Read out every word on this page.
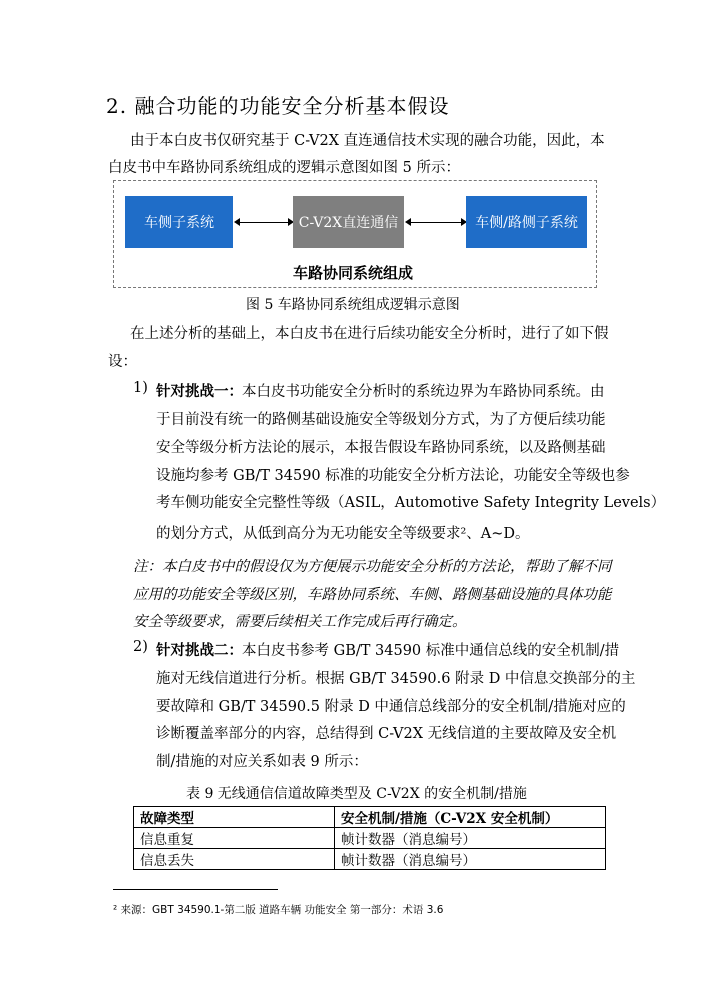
2. 融合功能的功能安全分析基本假设
由于本白皮书仅研究基于 C-V2X 直连通信技术实现的融合功能，因此，本
白皮书中车路协同系统组成的逻辑示意图如图 5 所示：
车侧子系统	C-V2X直连通信	车侧/路侧子系统
车路协同系统组成
图 5 车路协同系统组成逻辑示意图
在上述分析的基础上，本白皮书在进行后续功能安全分析时，进行了如下假
设：
1) 针对挑战一： 本白皮书功能安全分析时的系统边界为车路协同系统。由
于目前没有统一的路侧基础设施安全等级划分方式，为了方便后续功能
安全等级分析方法论的展示，本报告假设车路协同系统，以及路侧基础
设施均参考 GB/T 34590 标准的功能安全分析方法论，功能安全等级也参
考车侧功能安全完整性等级（ASIL，Automotive Safety Integrity Levels）
的划分方式，从低到高分为无功能安全等级要求²、A~D。
注：本白皮书中的假设仅为方便展示功能安全分析的方法论，帮助了解不同
应用的功能安全等级区别，车路协同系统、车侧、路侧基础设施的具体功能
安全等级要求，需要后续相关工作完成后再行确定。
2) 针对挑战二： 本白皮书参考 GB/T 34590 标准中通信总线的安全机制/措
施对无线信道进行分析。根据 GB/T 34590.6 附录 D 中信息交换部分的主
要故障和 GB/T 34590.5 附录 D 中通信总线部分的安全机制/措施对应的
诊断覆盖率部分的内容，总结得到 C-V2X 无线信道的主要故障及安全机
制/措施的对应关系如表 9 所示：
表 9 无线通信信道故障类型及 C-V2X 的安全机制/措施
故障类型	安全机制/措施（C-V2X 安全机制）
信息重复	帧计数器（消息编号）
信息丢失	帧计数器（消息编号）
² 来源：GBT 34590.1-第二版 道路车辆 功能安全 第一部分：术语 3.6
